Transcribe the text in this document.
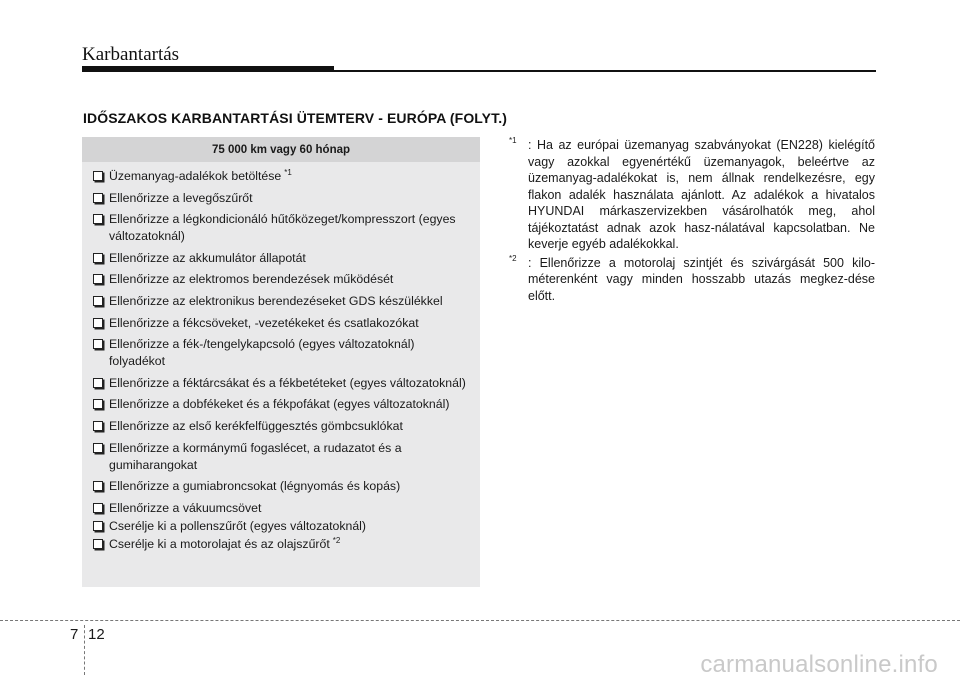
Karbantartás
IDŐSZAKOS KARBANTARTÁSI ÜTEMTERV - EURÓPA (FOLYT.)
75 000 km vagy 60 hónap
Üzemanyag-adalékok betöltése $^{*1}$
Ellenőrizze a levegőszűrőt
Ellenőrizze a légkondicionáló hűtőközeget/kompresszort (egyes változatoknál)
Ellenőrizze az akkumulátor állapotát
Ellenőrizze az elektromos berendezések működését
Ellenőrizze az elektronikus berendezéseket GDS készülékkel
Ellenőrizze a fékcsöveket, -vezetékeket és csatlakozókat
Ellenőrizze a fék-/tengelykapcsoló (egyes változatoknál) folyadékot
Ellenőrizze a féktárcsákat és a fékbetéteket (egyes változatoknál)
Ellenőrizze a dobfékeket és a fékpofákat (egyes változatoknál)
Ellenőrizze az első kerékfelfüggesztés gömbcsuklókat
Ellenőrizze a kormánymű fogaslécet, a rudazatot és a gumiharangokat
Ellenőrizze a gumiabroncsokat (légnyomás és kopás)
Ellenőrizze a vákuumcsövet
Cserélje ki a pollenszűrőt (egyes változatoknál)
Cserélje ki a motorolajat és az olajszűrőt $^{*2}$
$^{*1}$ : Ha az európai üzemanyag szabványokat (EN228) kielégítő vagy azokkal egyenértékű üzemanyagok, beleértve az üzemanyag-adalékokat is, nem állnak rendelkezésre, egy flakon adalék használata ajánlott. Az adalékok a hivatalos HYUNDAI márkaszervizekben vásárolhatók meg, ahol tájékoztatást adnak azok hasz-nálatával kapcsolatban. Ne keverje egyéb adalékokkal.
$^{*2}$ : Ellenőrizze a motorolaj szintjét és szivárgását 500 kilo-méterenként vagy minden hosszabb utazás megkez-dése előtt.
7 12
carmanualsonline.info
